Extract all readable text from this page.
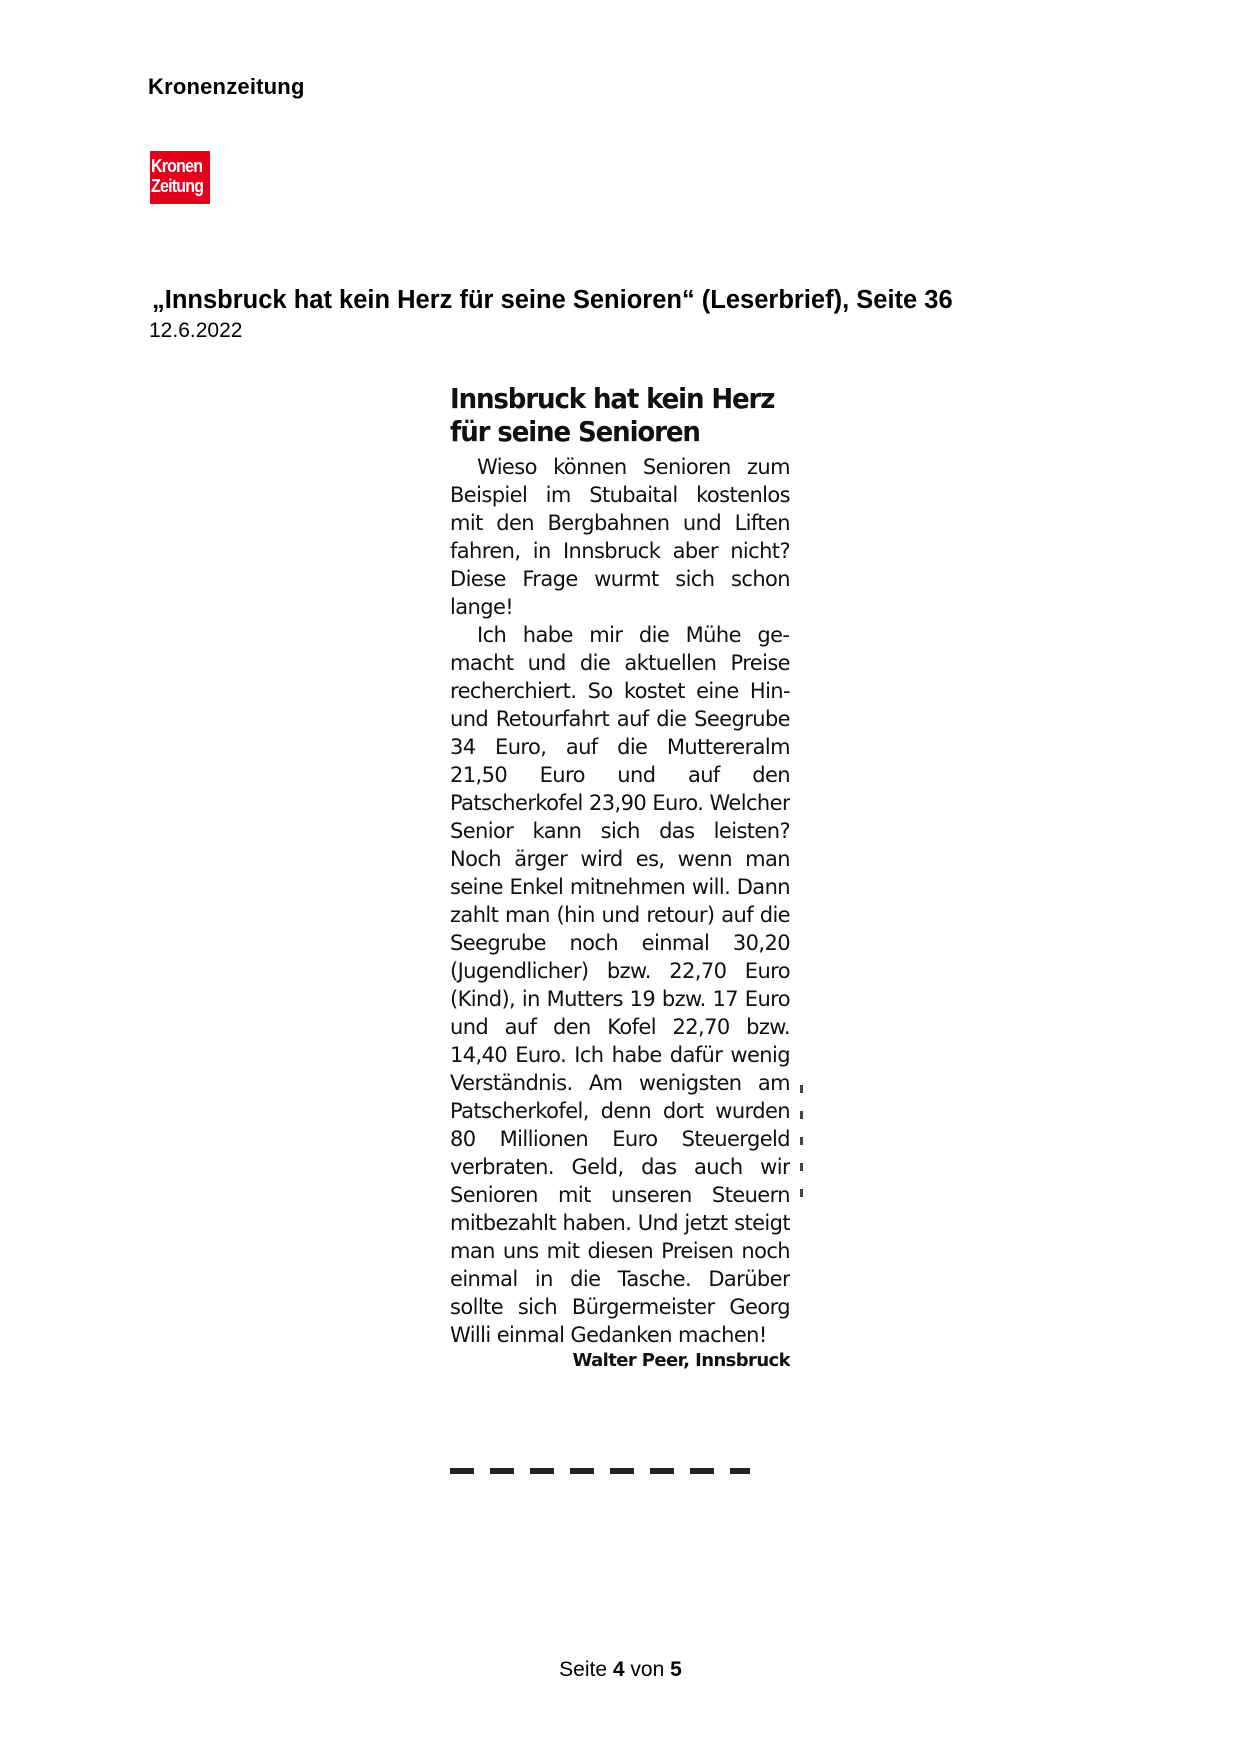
Kronenzeitung
Kronen
Zeitung
„Innsbruck hat kein Herz für seine Senioren“ (Leserbrief), Seite 36
12.6.2022
Innsbruck hat kein Herz
für seine Senioren

Wieso können Senioren zum Beispiel im Stubaital kostenlos mit den Bergbahnen und Liften fahren, in Innsbruck aber nicht? Diese Frage wurmt sich schon lange!

Ich habe mir die Mühe gemacht und die aktuellen Preise recherchiert. So kostet eine Hin- und Retourfahrt auf die Seegrube 34 Euro, auf die Muttereralm 21,50 Euro und auf den Patscherkofel 23,90 Euro. Welcher Senior kann sich das leisten? Noch ärger wird es, wenn man seine Enkel mitnehmen will. Dann zahlt man (hin und retour) auf die Seegrube noch einmal 30,20 (Jugendlicher) bzw. 22,70 Euro (Kind), in Mutters 19 bzw. 17 Euro und auf den Kofel 22,70 bzw. 14,40 Euro. Ich habe dafür wenig Verständnis. Am wenigsten am Patscherkofel, denn dort wurden 80 Millionen Euro Steuergeld verbraten. Geld, das auch wir Senioren mit unseren Steuern mitbezahlt haben. Und jetzt steigt man uns mit diesen Preisen noch einmal in die Tasche. Darüber sollte sich Bürgermeister Georg Willi einmal Gedanken machen!

Walter Peer, Innsbruck
Seite 4 von 5
